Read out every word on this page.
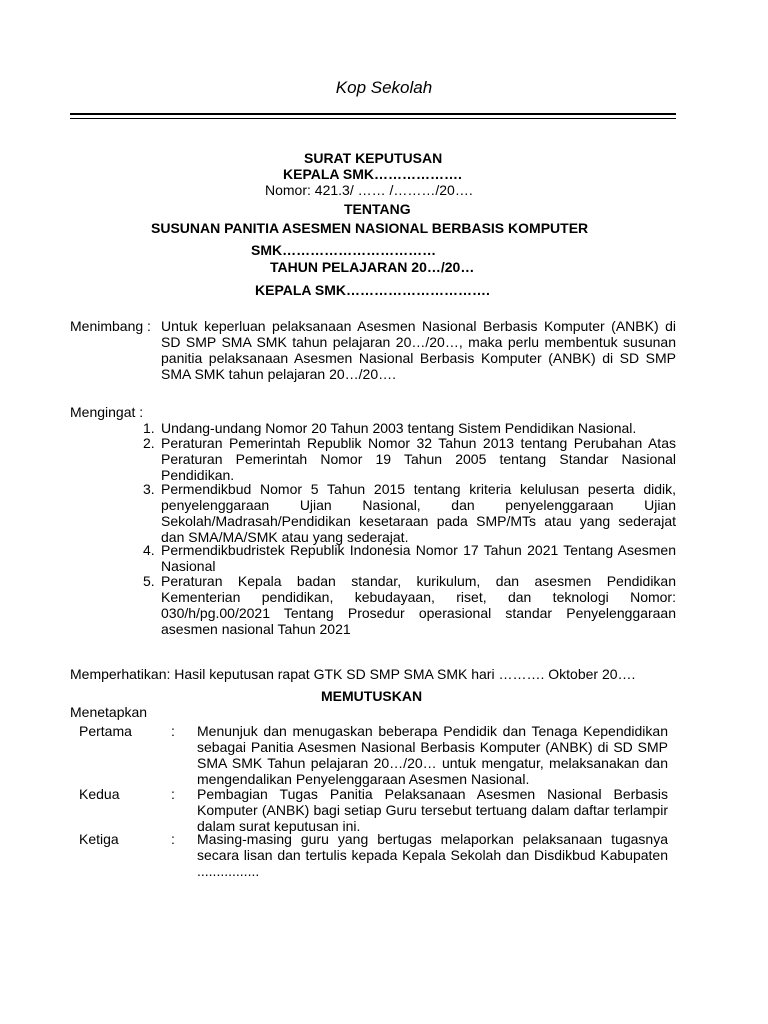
Kop Sekolah
SURAT KEPUTUSAN
KEPALA SMK……………….
Nomor: 421.3/ …… /………/20….
TENTANG
SUSUNAN PANITIA ASESMEN NASIONAL BERBASIS KOMPUTER
SMK……………………………
TAHUN PELAJARAN 20…/20…
KEPALA SMK………………………….
Menimbang : Untuk keperluan pelaksanaan Asesmen Nasional Berbasis Komputer (ANBK) di SD SMP SMA SMK tahun pelajaran 20…/20…, maka perlu membentuk susunan panitia pelaksanaan Asesmen Nasional Berbasis Komputer (ANBK) di SD SMP SMA SMK tahun pelajaran 20…/20….
Mengingat :
1. Undang-undang Nomor 20 Tahun 2003 tentang Sistem Pendidikan Nasional.
2. Peraturan Pemerintah Republik Nomor 32 Tahun 2013 tentang Perubahan Atas Peraturan Pemerintah Nomor 19 Tahun 2005 tentang Standar Nasional Pendidikan.
3. Permendikbud Nomor 5 Tahun 2015 tentang kriteria kelulusan peserta didik, penyelenggaraan Ujian Nasional, dan penyelenggaraan Ujian Sekolah/Madrasah/Pendidikan kesetaraan pada SMP/MTs atau yang sederajat dan SMA/MA/SMK atau yang sederajat.
4. Permendikbudristek Republik Indonesia Nomor 17 Tahun 2021 Tentang Asesmen Nasional
5. Peraturan Kepala badan standar, kurikulum, dan asesmen Pendidikan Kementerian pendidikan, kebudayaan, riset, dan teknologi Nomor: 030/h/pg.00/2021 Tentang Prosedur operasional standar Penyelenggaraan asesmen nasional Tahun 2021
Memperhatikan: Hasil keputusan rapat GTK SD SMP SMA SMK hari ………. Oktober 20….
MEMUTUSKAN
Menetapkan
Pertama	: Menunjuk dan menugaskan beberapa Pendidik dan Tenaga Kependidikan sebagai Panitia Asesmen Nasional Berbasis Komputer (ANBK) di SD SMP SMA SMK Tahun pelajaran 20…/20… untuk mengatur, melaksanakan dan mengendalikan Penyelenggaraan Asesmen Nasional.
Kedua	: Pembagian Tugas Panitia Pelaksanaan Asesmen Nasional Berbasis Komputer (ANBK) bagi setiap Guru tersebut tertuang dalam daftar terlampir dalam surat keputusan ini.
Ketiga	: Masing-masing guru yang bertugas melaporkan pelaksanaan tugasnya secara lisan dan tertulis kepada Kepala Sekolah dan Disdikbud Kabupaten ................
